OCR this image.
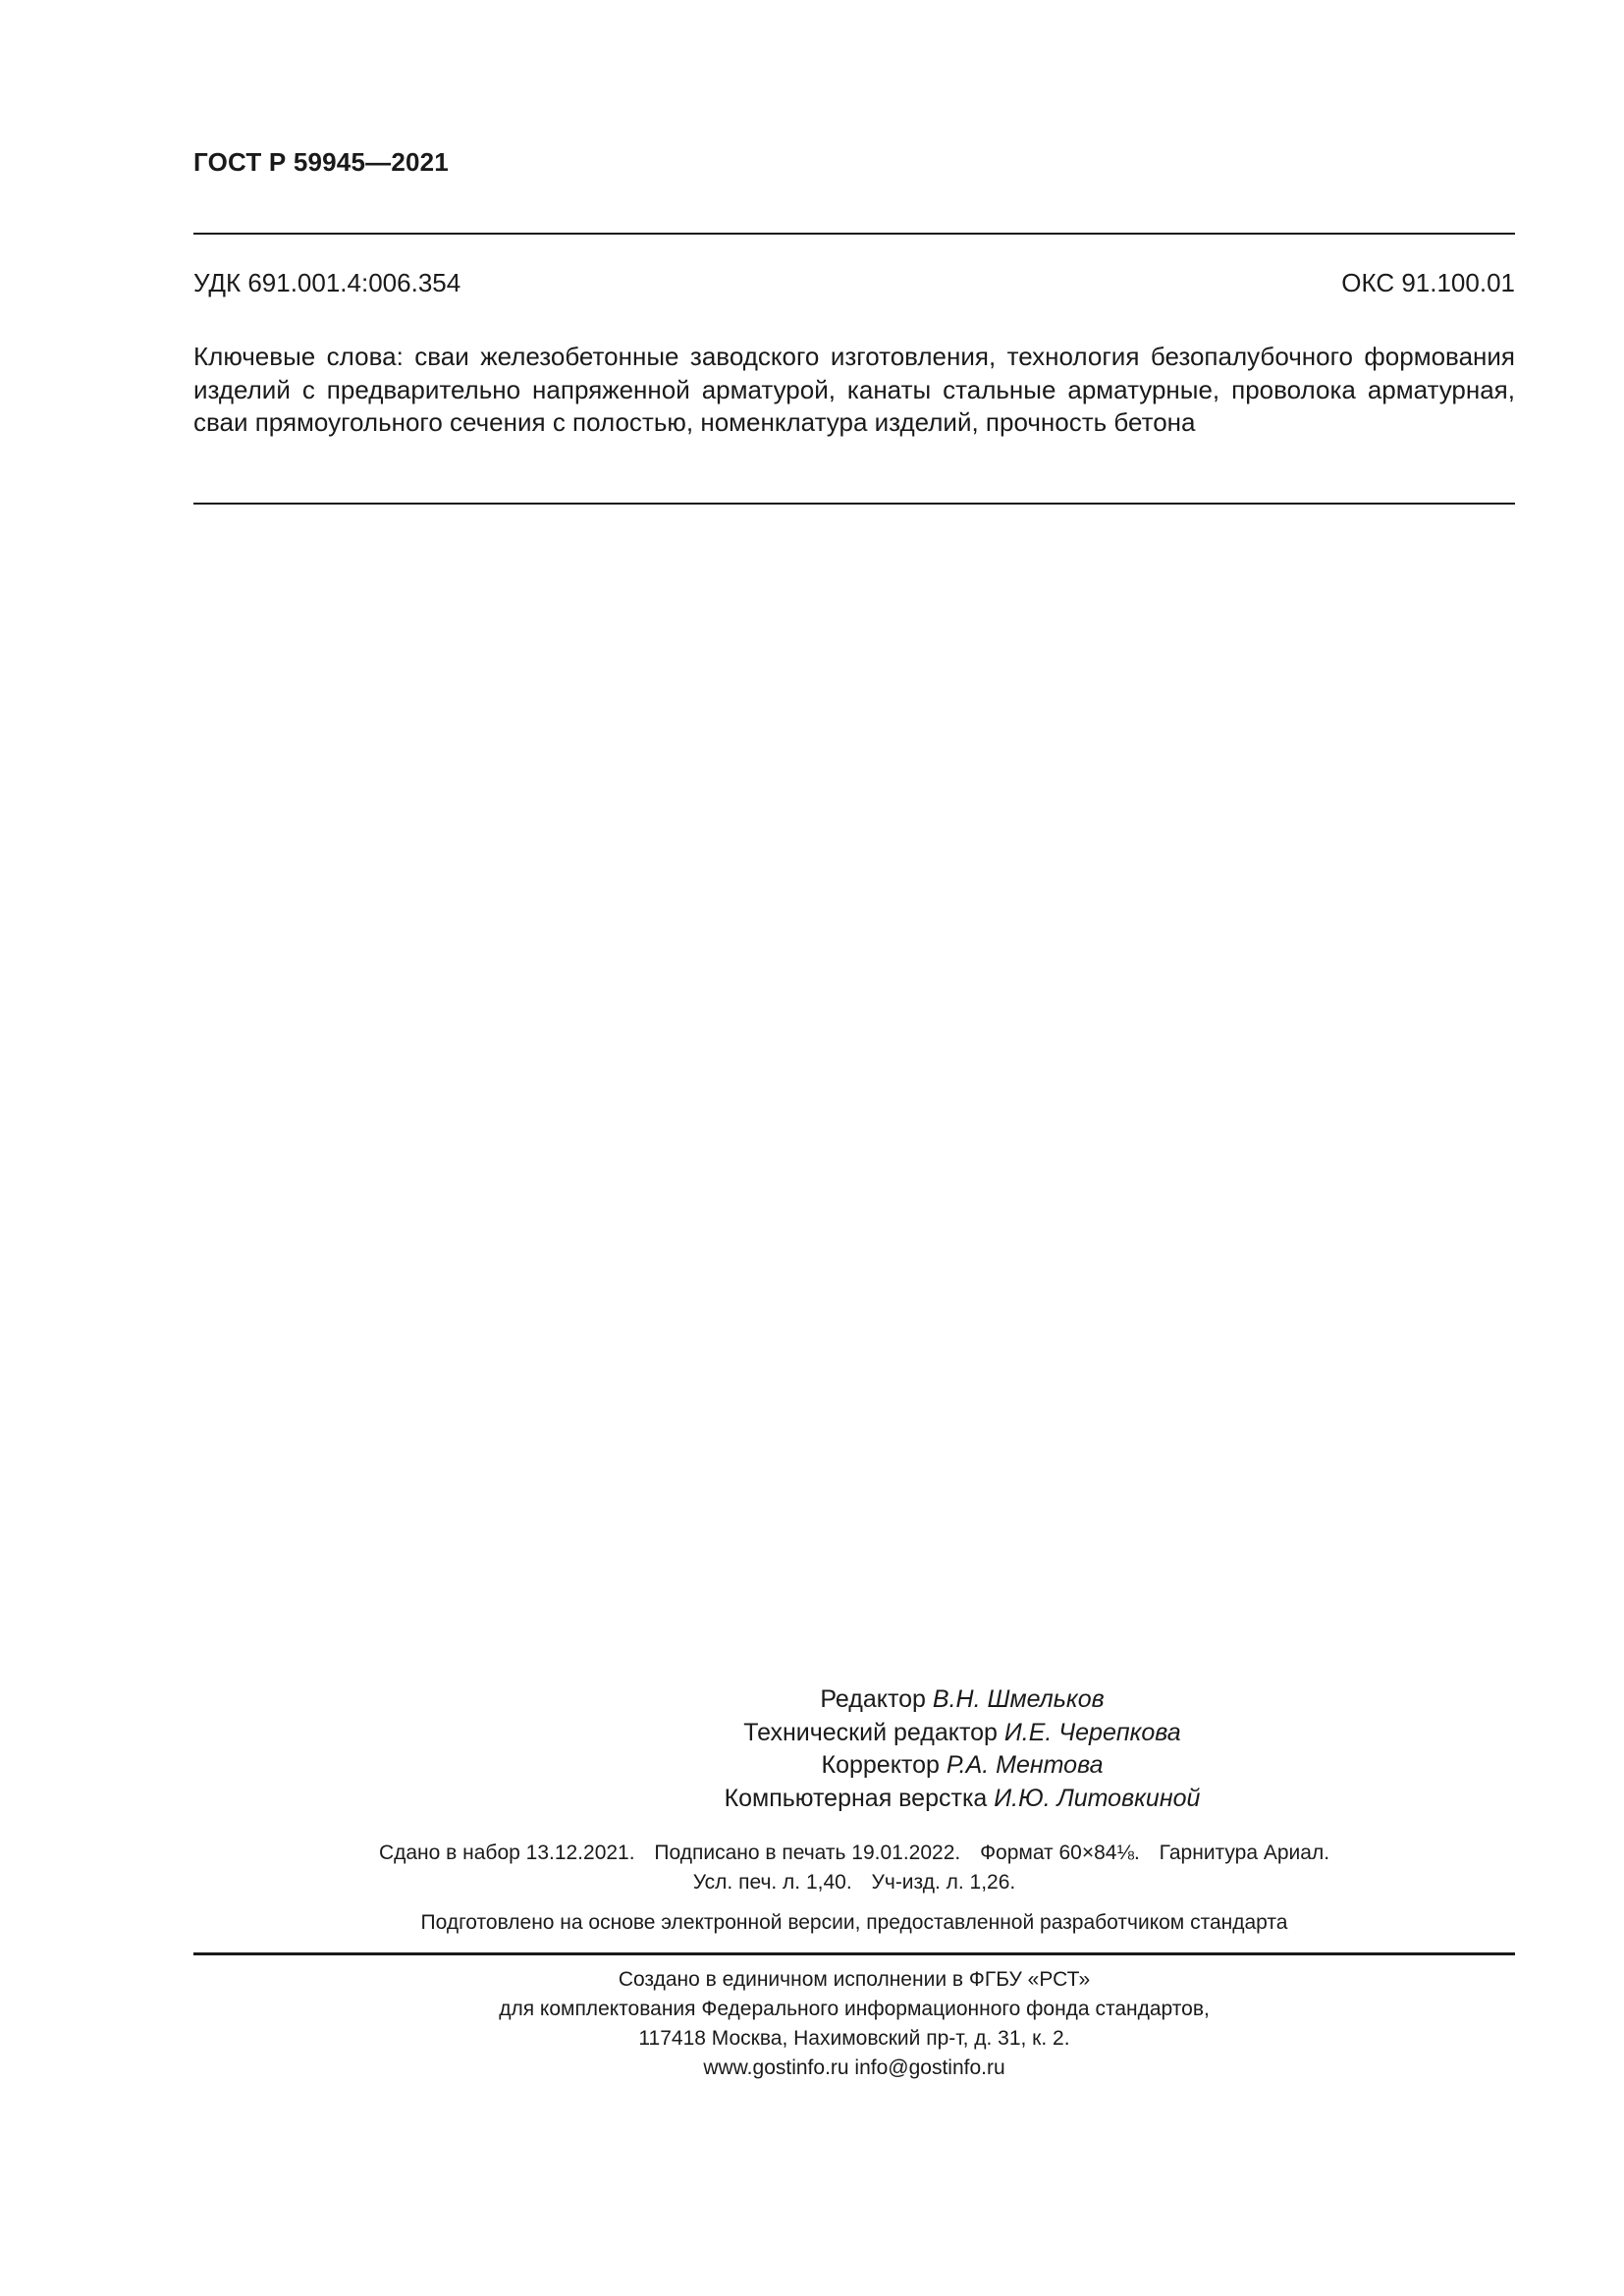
ГОСТ Р 59945—2021
УДК 691.001.4:006.354	ОКС 91.100.01
Ключевые слова: сваи железобетонные заводского изготовления, технология безопалубочного формования изделий с предварительно напряженной арматурой, канаты стальные арматурные, проволока арматурная, сваи прямоугольного сечения с полостью, номенклатура изделий, прочность бетона
Редактор В.Н. Шмельков
Технический редактор И.Е. Черепкова
Корректор Р.А. Ментова
Компьютерная верстка И.Ю. Литовкиной
Сдано в набор 13.12.2021. Подписано в печать 19.01.2022. Формат 60×84⅛. Гарнитура Ариал.
Усл. печ. л. 1,40. Уч-изд. л. 1,26.
Подготовлено на основе электронной версии, предоставленной разработчиком стандарта
Создано в единичном исполнении в ФГБУ «РСТ»
для комплектования Федерального информационного фонда стандартов,
117418 Москва, Нахимовский пр-т, д. 31, к. 2.
www.gostinfo.ru info@gostinfo.ru
